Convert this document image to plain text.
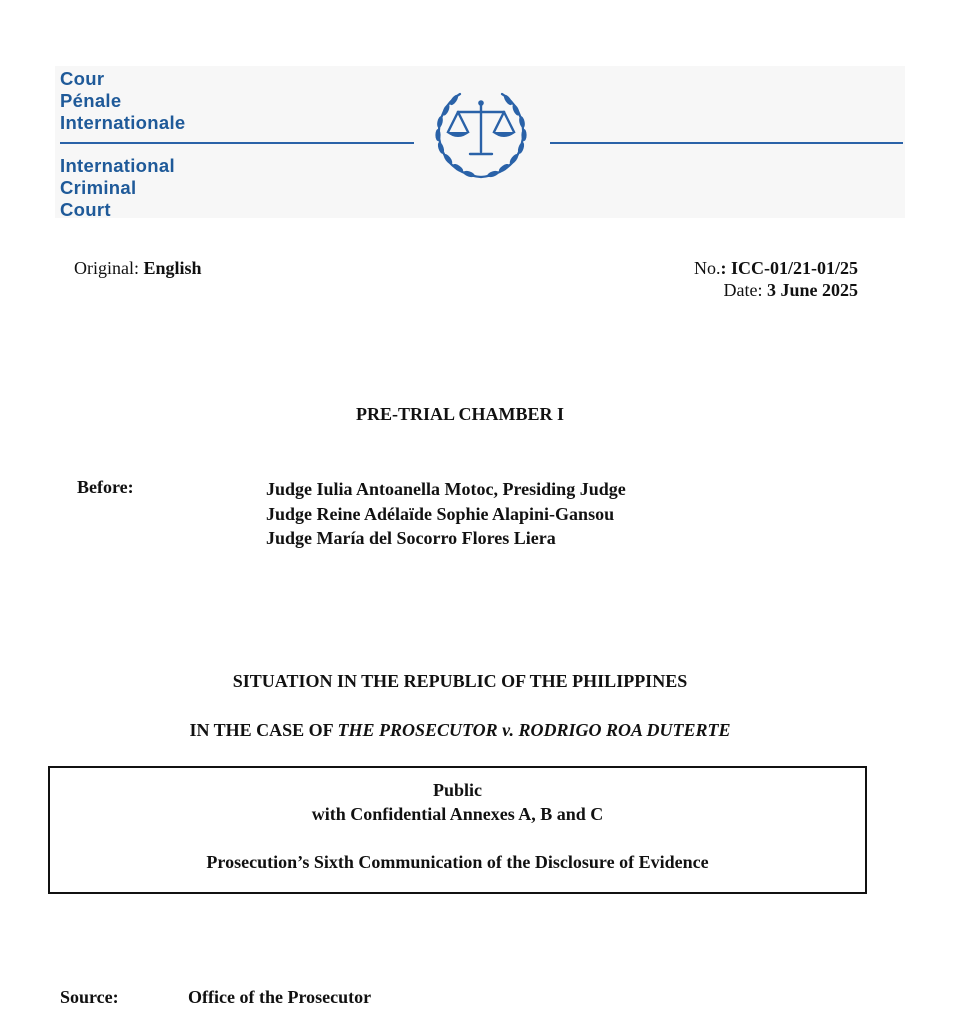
Cour
Pénale
Internationale
International
Criminal
Court
Original: English	No.: ICC-01/21-01/25
Date: 3 June 2025
PRE-TRIAL CHAMBER I
Before:	Judge Iulia Antoanella Motoc, Presiding Judge
Judge Reine Adélaïde Sophie Alapini-Gansou
Judge María del Socorro Flores Liera
SITUATION IN THE REPUBLIC OF THE PHILIPPINES
IN THE CASE OF THE PROSECUTOR v. RODRIGO ROA DUTERTE
Public
with Confidential Annexes A, B and C
Prosecution’s Sixth Communication of the Disclosure of Evidence
Source:	Office of the Prosecutor
